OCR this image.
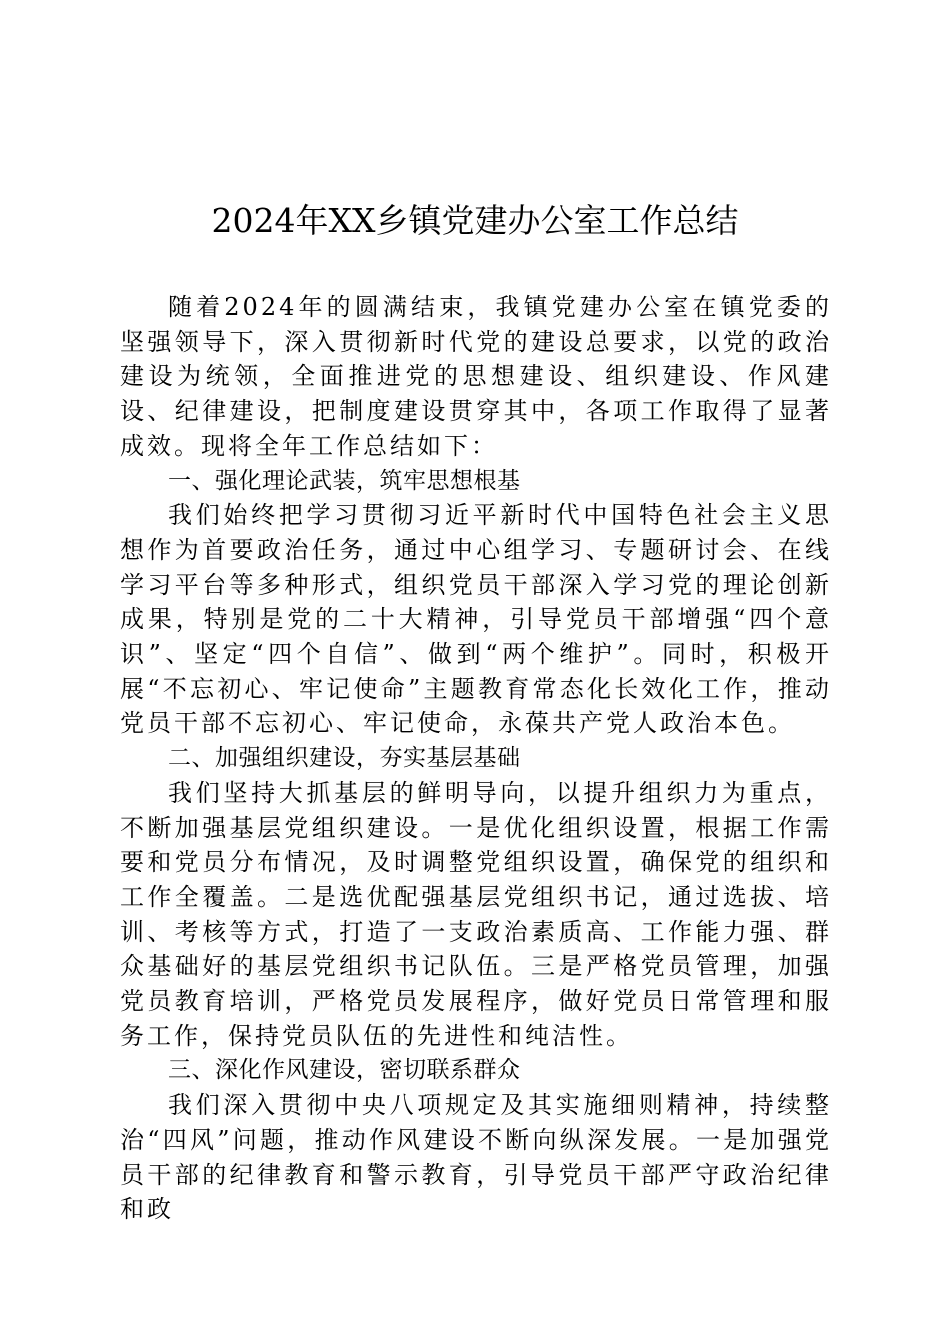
2024年XX乡镇党建办公室工作总结

随着2024年的圆满结束，我镇党建办公室在镇党委的坚强领导下，深入贯彻新时代党的建设总要求，以党的政治建设为统领，全面推进党的思想建设、组织建设、作风建设、纪律建设，把制度建设贯穿其中，各项工作取得了显著成效。现将全年工作总结如下：

一、强化理论武装，筑牢思想根基

我们始终把学习贯彻习近平新时代中国特色社会主义思想作为首要政治任务，通过中心组学习、专题研讨会、在线学习平台等多种形式，组织党员干部深入学习党的理论创新成果，特别是党的二十大精神，引导党员干部增强“四个意识”、坚定“四个自信”、做到“两个维护”。同时，积极开展“不忘初心、牢记使命”主题教育常态化长效化工作，推动党员干部不忘初心、牢记使命，永葆共产党人政治本色。

二、加强组织建设，夯实基层基础

我们坚持大抓基层的鲜明导向，以提升组织力为重点，不断加强基层党组织建设。一是优化组织设置，根据工作需要和党员分布情况，及时调整党组织设置，确保党的组织和工作全覆盖。二是选优配强基层党组织书记，通过选拔、培训、考核等方式，打造了一支政治素质高、工作能力强、群众基础好的基层党组织书记队伍。三是严格党员管理，加强党员教育培训，严格党员发展程序，做好党员日常管理和服务工作，保持党员队伍的先进性和纯洁性。

三、深化作风建设，密切联系群众

我们深入贯彻中央八项规定及其实施细则精神，持续整治“四风”问题，推动作风建设不断向纵深发展。一是加强党员干部的纪律教育和警示教育，引导党员干部严守政治纪律和政
